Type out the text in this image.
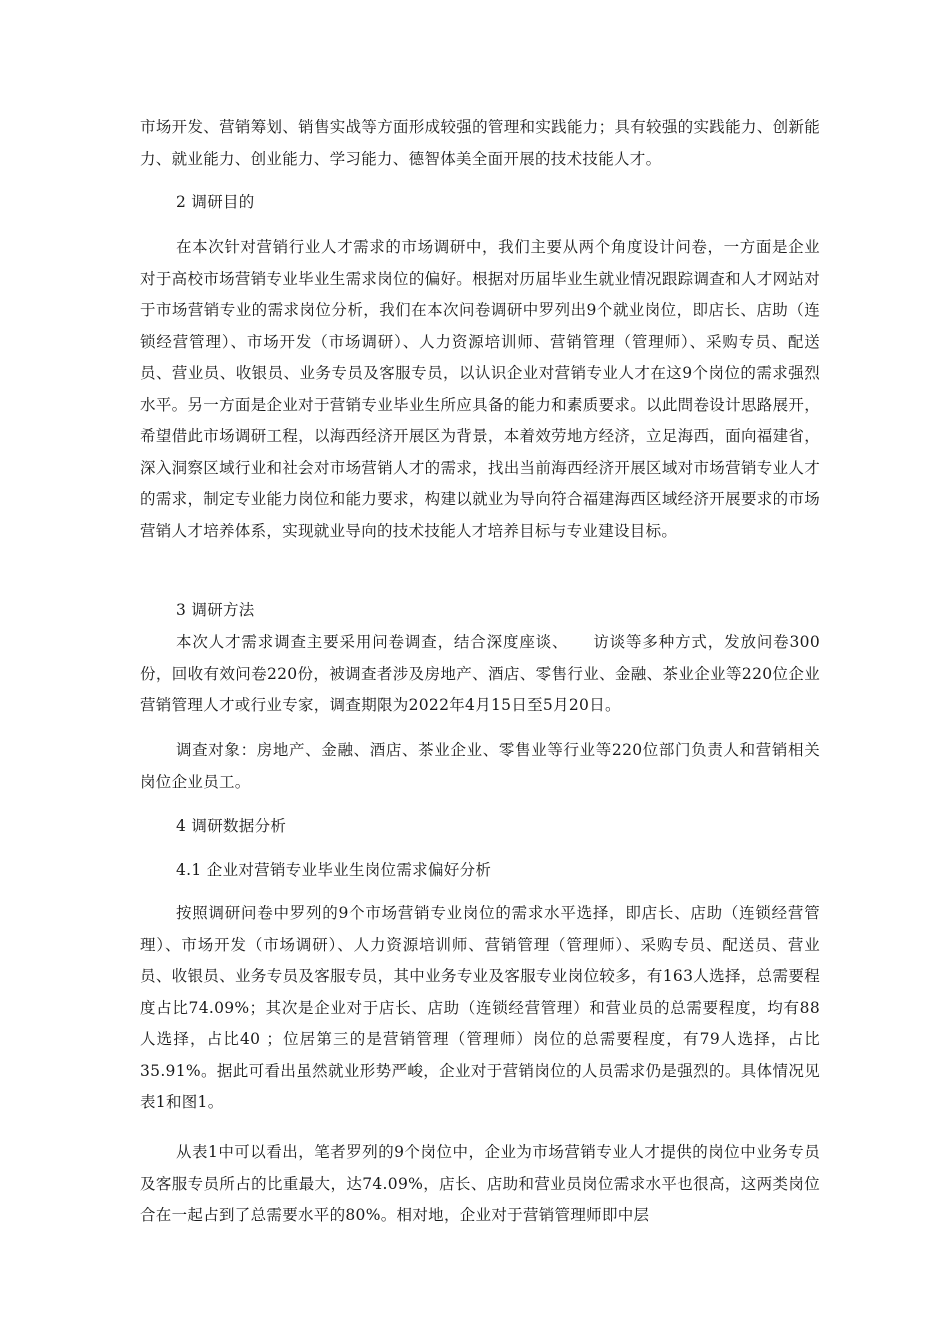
市场开发、营销筹划、销售实战等方面形成较强的管理和实践能力；具有较强的实践能力、创新能力、就业能力、创业能力、学习能力、德智体美全面开展的技术技能人才。

2 调研目的

在本次针对营销行业人才需求的市场调研中，我们主要从两个角度设计问卷，一方面是企业对于高校市场营销专业毕业生需求岗位的偏好。根据对历届毕业生就业情况跟踪调查和人才网站对于市场营销专业的需求岗位分析，我们在本次问卷调研中罗列出9个就业岗位，即店长、店助（连锁经营管理）、市场开发（市场调研）、人力资源培训师、营销管理（管理师）、采购专员、配送员、营业员、收银员、业务专员及客服专员，以认识企业对营销专业人才在这9个岗位的需求强烈水平。另一方面是企业对于营销专业毕业生所应具备的能力和素质要求。以此問卷设计思路展开，希望借此市场调研工程，以海西经济开展区为背景，本着效劳地方经济，立足海西，面向福建省，深入洞察区域行业和社会对市场营销人才的需求，找出当前海西经济开展区域对市场营销专业人才的需求，制定专业能力岗位和能力要求，构建以就业为导向符合福建海西区域经济开展要求的市场营销人才培养体系，实现就业导向的技术技能人才培养目标与专业建设目标。

3 调研方法

本次人才需求调查主要采用问卷调查，结合深度座谈、　　访谈等多种方式，发放问卷300份，回收有效问卷220份，被调查者涉及房地产、酒店、零售行业、金融、茶业企业等220位企业营销管理人才或行业专家，调查期限为2022年4月15日至5月20日。

调查对象：房地产、金融、酒店、茶业企业、零售业等行业等220位部门负责人和营销相关岗位企业员工。

4 调研数据分析

4.1 企业对营销专业毕业生岗位需求偏好分析

按照调研问卷中罗列的9个市场营销专业岗位的需求水平选择，即店长、店助（连锁经营管理）、市场开发（市场调研）、人力资源培训师、营销管理（管理师）、采购专员、配送员、营业员、收银员、业务专员及客服专员，其中业务专业及客服专业岗位较多，有163人选择，总需要程度占比74.09%；其次是企业对于店长、店助（连锁经营管理）和营业员的总需要程度，均有88人选择，占比40 ；位居第三的是营销管理（管理师）岗位的总需要程度，有79人选择，占比35.91%。据此可看出虽然就业形势严峻，企业对于营销岗位的人员需求仍是强烈的。具体情况见表1和图1。

从表1中可以看出，笔者罗列的9个岗位中，企业为市场营销专业人才提供的岗位中业务专员及客服专员所占的比重最大，达74.09%，店长、店助和营业员岗位需求水平也很高，这两类岗位合在一起占到了总需要水平的80%。相对地，企业对于营销管理师即中层
